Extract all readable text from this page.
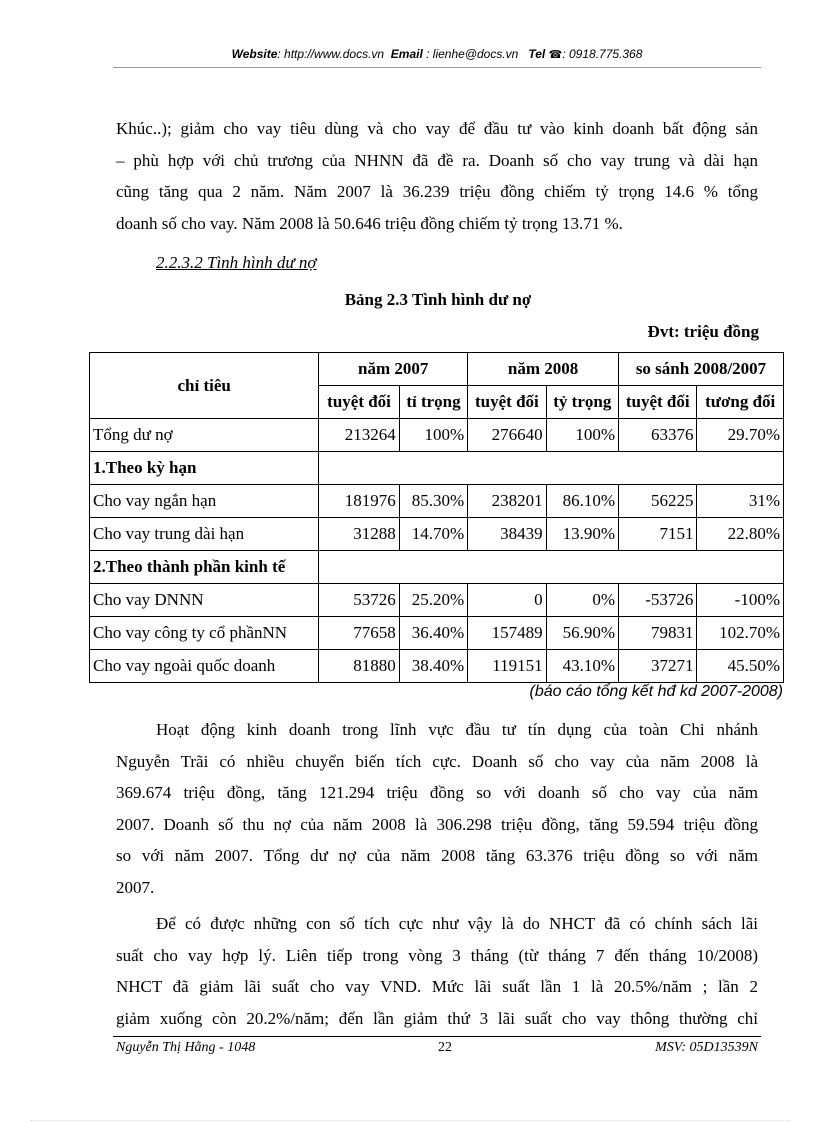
Website: http://www.docs.vn Email : lienhe@docs.vn Tel ☎: 0918.775.368
Khúc..); giảm cho vay tiêu dùng và cho vay để đầu tư vào kinh doanh bất động sản
– phù hợp với chủ trương của NHNN đã đề ra. Doanh số cho vay trung và dài hạn
cũng tăng qua 2 năm. Năm 2007 là 36.239 triệu đồng chiếm tỷ trọng 14.6 % tổng
doanh số cho vay. Năm 2008 là 50.646 triệu đồng chiếm tỷ trọng 13.71 %.
2.2.3.2 Tình hình dư nợ
Bảng 2.3 Tình hình dư nợ
Đvt: triệu đồng
chỉ tiêu	năm 2007		năm 2008		so sánh 2008/2007	
	tuyệt đối	tỉ trọng	tuyệt đối	tỷ trọng	tuyệt đối	tương đối
Tổng dư nợ	213264	100%	276640	100%	63376	29.70%
1.Theo kỳ hạn						
Cho vay ngắn hạn	181976	85.30%	238201	86.10%	56225	31%
Cho vay trung dài hạn	31288	14.70%	38439	13.90%	7151	22.80%
2.Theo thành phần kinh tế						
Cho vay DNNN	53726	25.20%	0	0%	-53726	-100%
Cho vay công ty cổ phầnNN	77658	36.40%	157489	56.90%	79831	102.70%
Cho vay ngoài quốc doanh	81880	38.40%	119151	43.10%	37271	45.50%
(báo cáo tổng kết hđ kd 2007-2008)
Hoạt động kinh doanh trong lĩnh vực đầu tư tín dụng của toàn Chi nhánh
Nguyễn Trãi có nhiều chuyển biến tích cực. Doanh số cho vay của năm 2008 là
369.674 triệu đồng, tăng 121.294 triệu đồng so với doanh số cho vay của năm
2007. Doanh số thu nợ của năm 2008 là 306.298 triệu đồng, tăng 59.594 triệu đồng
so với năm 2007. Tổng dư nợ của năm 2008 tăng 63.376 triệu đồng so với năm
2007.
Để có được những con số tích cực như vậy là do NHCT đã có chính sách lãi
suất cho vay hợp lý. Liên tiếp trong vòng 3 tháng (từ tháng 7 đến tháng 10/2008)
NHCT đã giảm lãi suất cho vay VND. Mức lãi suất lần 1 là 20.5%/năm ; lần 2
giảm xuống còn 20.2%/năm; đến lần giảm thứ 3 lãi suất cho vay thông thường chỉ
Nguyễn Thị Hằng - 1048	22	MSV: 05D13539N
